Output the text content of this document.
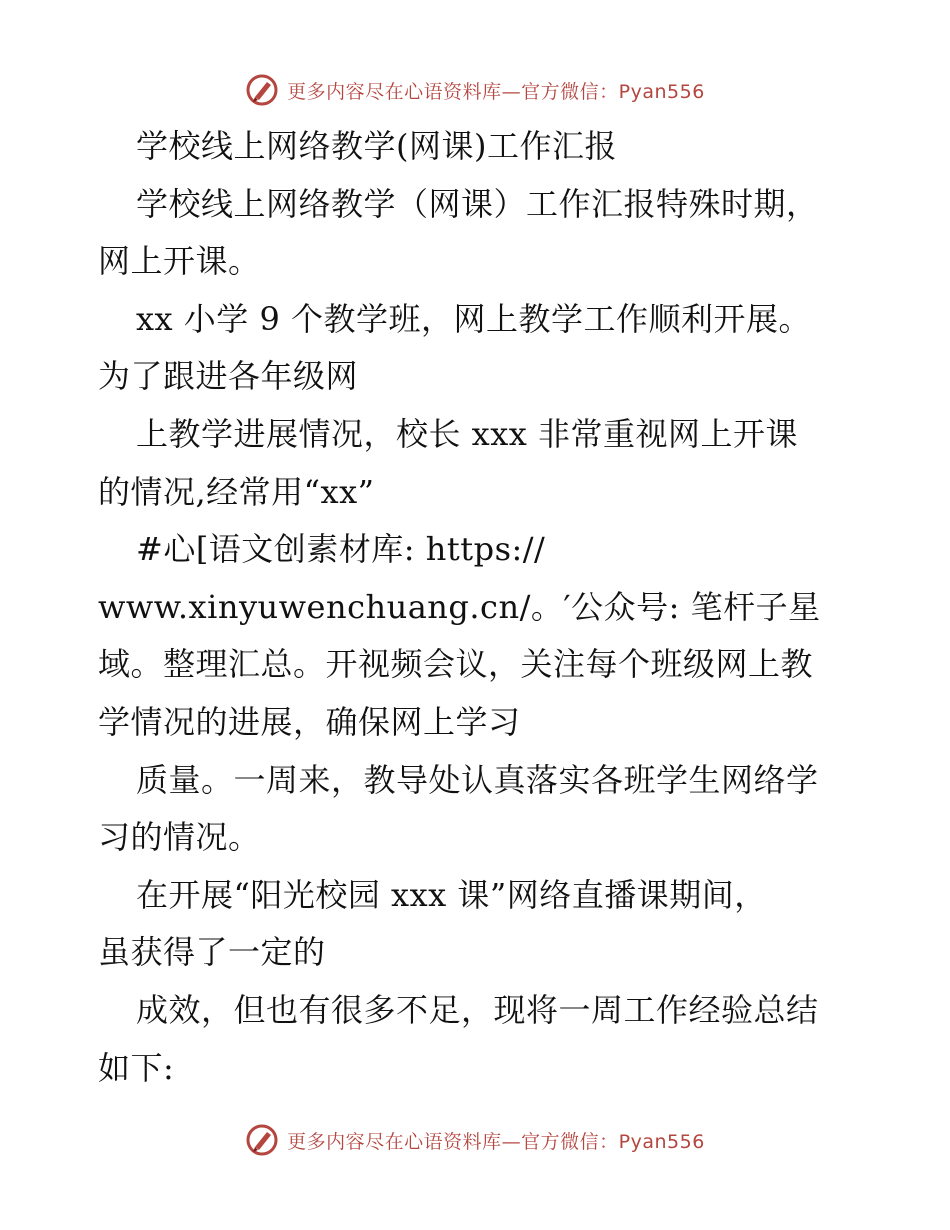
更多内容尽在心语资料库—官方微信：Pyan556
学校线上网络教学(网课)工作汇报
学校线上网络教学（网课）工作汇报特殊时期，
网上开课。
xx 小学 9 个教学班，网上教学工作顺利开展。
为了跟进各年级网
上教学进展情况，校长 xxx 非常重视网上开课
的情况,经常用“xx”
#心[语文创素材库: https://
www.xinyuwenchuang.cn/。′公众号: 笔杆子星
域。整理汇总。开视频会议，关注每个班级网上教
学情况的进展，确保网上学习
质量。一周来，教导处认真落实各班学生网络学
习的情况。
在开展“阳光校园 xxx 课”网络直播课期间，
虽获得了一定的
成效，但也有很多不足，现将一周工作经验总结
如下:
更多内容尽在心语资料库—官方微信：Pyan556
